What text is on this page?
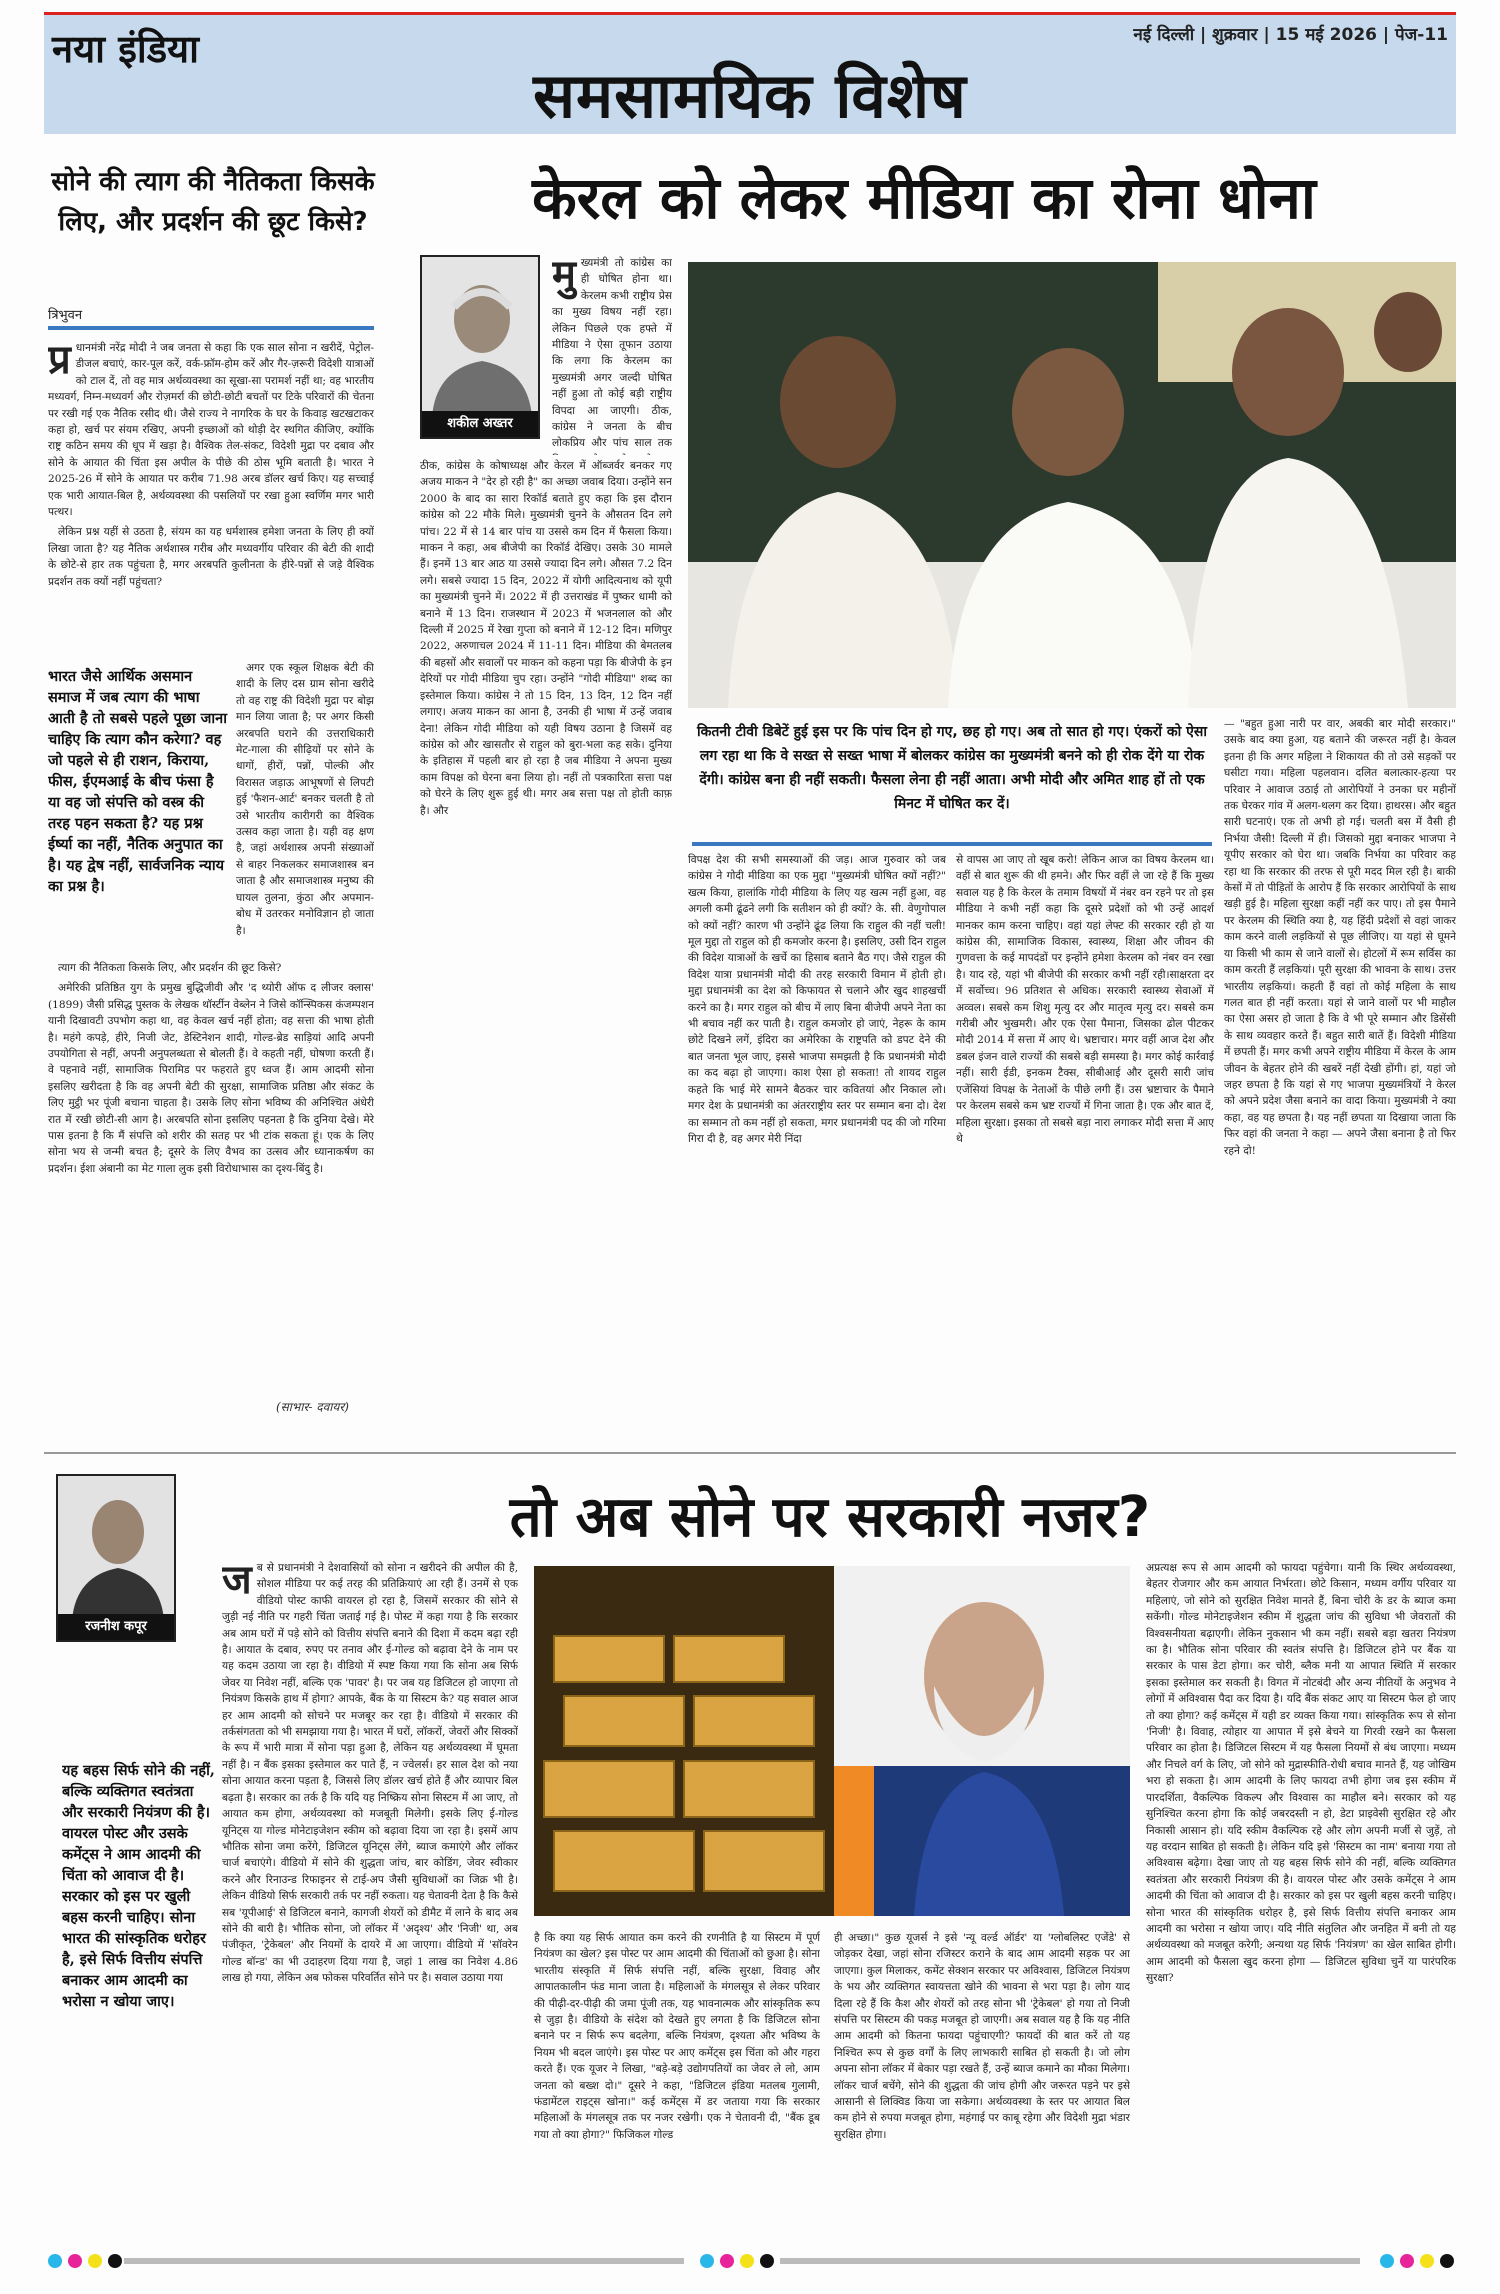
नया इंडिया	नई दिल्ली | शुक्रवार | 15 मई 2026 | पेज-11
समसामयिक विशेष
सोने की त्याग की नैतिकता किसके लिए, और प्रदर्शन की छूट किसे?
त्रिभुवन

प्र धानमंत्री नरेंद्र मोदी ने जब जनता से कहा कि एक साल सोना न खरीदें, पेट्रोल-डीजल बचाएं, कार-पूल करें, वर्क-फ्रॉम-होम करें और गैर-ज़रूरी विदेशी यात्राओं को टाल दें, तो वह मात्र अर्थव्यवस्था का सूखा-सा परामर्श नहीं था; वह भारतीय मध्यवर्ग, निम्न-मध्यवर्ग और रोज़मर्रा की छोटी-छोटी बचतों पर टिके परिवारों की चेतना पर रखी गई एक नैतिक रसीद थी। जैसे राज्य ने नागरिक के घर के किवाड़ खटखटाकर कहा हो, खर्च पर संयम रखिए, अपनी इच्छाओं को थोड़ी देर स्थगित कीजिए, क्योंकि राष्ट्र कठिन समय की धूप में खड़ा है। वैश्विक तेल-संकट, विदेशी मुद्रा पर दबाव और सोने के आयात की चिंता इस अपील के पीछे की ठोस भूमि बताती है। भारत ने 2025-26 में सोने के आयात पर करीब 71.98 अरब डॉलर खर्च किए। यह सच्चाई एक भारी आयात-बिल है, अर्थव्यवस्था की पसलियों पर रखा हुआ स्वर्णिम मगर भारी पत्थर।

लेकिन प्रश्न यहीं से उठता है, संयम का यह धर्मशास्त्र हमेशा जनता के लिए ही क्यों लिखा जाता है? यह नैतिक अर्थशास्त्र गरीब और मध्यवर्गीय परिवार की बेटी की शादी के छोटे-से हार तक पहुंचता है, मगर अरबपति कुलीनता के हीरे-पन्नों से जड़े वैश्विक प्रदर्शन तक क्यों नहीं पहुंचता?

भारत जैसे आर्थिक असमान समाज में जब त्याग की भाषा आती है तो सबसे पहले पूछा जाना चाहिए कि त्याग कौन करेगा? वह जो पहले से ही राशन, किराया, फीस, ईएमआई के बीच फंसा है या वह जो संपत्ति को वस्त्र की तरह पहन सकता है? यह प्रश्न ईर्ष्या का नहीं, नैतिक अनुपात का है। यह द्वेष नहीं, सार्वजनिक न्याय का प्रश्न है।

अगर एक स्कूल शिक्षक बेटी की शादी के लिए दस ग्राम सोना खरीदे तो वह राष्ट्र की विदेशी मुद्रा पर बोझ मान लिया जाता है; पर अगर किसी अरबपति घराने की उत्तराधिकारी मेट-गाला की सीढ़ियों पर सोने के धागों, हीरों, पन्नों, पोल्की और विरासत जड़ाऊ आभूषणों से लिपटी हुई 'फैशन-आर्ट' बनकर चलती है तो उसे भारतीय कारीगरी का वैश्विक उत्सव कहा जाता है। यही वह क्षण है, जहां अर्थशास्त्र अपनी संख्याओं से बाहर निकलकर समाजशास्त्र बन जाता है और समाजशास्त्र मनुष्य की घायल तुलना, कुंठा और अपमान-बोध में उतरकर मनोविज्ञान हो जाता है।

त्याग की नैतिकता किसके लिए, और प्रदर्शन की छूट किसे?

अमेरिकी प्रतिष्ठित युग के प्रमुख बुद्धिजीवी और 'द थ्योरी ऑफ द लीजर क्लास' (1899) जैसी प्रसिद्ध पुस्तक के लेखक थॉर्स्टीन वेब्लेन ने जिसे कॉन्स्पिकस कंजम्पशन यानी दिखावटी उपभोग कहा था, वह केवल खर्च नहीं होता; वह सत्ता की भाषा होती है। महंगे कपड़े, हीरे, निजी जेट, डेस्टिनेशन शादी, गोल्ड-ब्रेड साड़ियां आदि अपनी उपयोगिता से नहीं, अपनी अनुपलब्धता से बोलती हैं। वे कहती नहीं, घोषणा करती हैं। वे पहनावे नहीं, सामाजिक पिरामिड पर फहराते हुए ध्वज हैं। आम आदमी सोना इसलिए खरीदता है कि वह अपनी बेटी की सुरक्षा, सामाजिक प्रतिष्ठा और संकट के लिए मुट्ठी भर पूंजी बचाना चाहता है। उसके लिए सोना भविष्य की अनिश्चित अंधेरी रात में रखी छोटी-सी आग है। अरबपति सोना इसलिए पहनता है कि दुनिया देखे। मेरे पास इतना है कि मैं संपत्ति को शरीर की सतह पर भी टांक सकता हूं। एक के लिए सोना भय से जन्मी बचत है; दूसरे के लिए वैभव का उत्सव और ध्यानाकर्षण का प्रदर्शन। ईशा अंबानी का मेट गाला लुक इसी विरोधाभास का दृश्य-बिंदु है।

(साभार- दवायर)
केरल को लेकर मीडिया का रोना धोना
शकील अख्तर

मुख्यमंत्री तो कांग्रेस का ही घोषित होना था। केरलम कभी राष्ट्रीय प्रेस का मुख्य विषय नहीं रहा। लेकिन पिछले एक हफ्ते में मीडिया ने ऐसा तूफान उठाया कि लगा कि केरलम का मुख्यमंत्री अगर जल्दी घोषित नहीं हुआ तो कोई बड़ी राष्ट्रीय विपदा आ जाएगी। ठीक, कांग्रेस ने जनता के बीच लोकप्रिय और पांच साल तक

ठीक, कांग्रेस के कोषाध्यक्ष और केरल में ऑब्जर्वर बनकर गए अजय माकन ने "देर हो रही है" का अच्छा जवाब दिया। उन्होंने सन 2000 के बाद का सारा रिकॉर्ड बताते हुए कहा कि इस दौरान कांग्रेस को 22 मौके मिले। मुख्यमंत्री चुनने के औसतन दिन लगे पांच। 22 में से 14 बार पांच या उससे कम दिन में फैसला किया। माकन ने कहा, अब बीजेपी का रिकॉर्ड देखिए। उसके 30 मामले हैं। इनमें 13 बार आठ या उससे ज्यादा दिन लगे। औसत 7.2 दिन लगे। सबसे ज्यादा 15 दिन, 2022 में योगी आदित्यनाथ को यूपी का मुख्यमंत्री चुनने में। 2022 में ही उत्तराखंड में पुष्कर धामी को बनाने में 13 दिन। राजस्थान में 2023 में भजनलाल को और दिल्ली में 2025 में रेखा गुप्ता को बनाने में 12-12 दिन। मणिपुर 2022, अरुणाचल 2024 में 11-11 दिन। मीडिया की बेमतलब की बहसों और सवालों पर माकन को कहना पड़ा कि बीजेपी के इन देरियों पर गोदी मीडिया चुप रहा। उन्होंने "गोदी मीडिया" शब्द का इस्तेमाल किया। कांग्रेस ने तो 15 दिन, 13 दिन, 12 दिन नहीं लगाए। अजय माकन का आना है, उनकी ही भाषा में उन्हें जवाब देना! लेकिन गोदी मीडिया को यही विषय उठाना है जिसमें वह कांग्रेस को और खासतौर से राहुल को बुरा-भला कह सके। दुनिया के इतिहास में पहली बार हो रहा है जब मीडिया ने अपना मुख्य काम विपक्ष को घेरना बना लिया हो। नहीं तो पत्रकारिता सत्ता पक्ष को घेरने के लिए शुरू हुई थी। मगर अब सत्ता पक्ष तो होती काफ़ है। और

कितनी टीवी डिबेटें हुई इस पर कि पांच दिन हो गए, छह हो गए। अब तो सात हो गए। एंकरों को ऐसा लग रहा था कि वे सख्त से सख्त भाषा में बोलकर कांग्रेस का मुख्यमंत्री बनने को ही रोक देंगे या रोक देंगी। कांग्रेस बना ही नहीं सकती। फैसला लेना ही नहीं आता। अभी मोदी और अमित शाह हों तो एक मिनट में घोषित कर दें।
— "बहुत हुआ नारी पर वार, अबकी बार मोदी सरकार।" उसके बाद क्या हुआ, यह बताने की जरूरत नहीं है। केवल इतना ही कि अगर महिला ने शिकायत की तो उसे सड़कों पर घसीटा गया। महिला पहलवान। दलित बलात्कार-हत्या पर परिवार ने आवाज उठाई तो आरोपियों ने उनका घर महीनों तक घेरकर गांव में अलग-थलग कर दिया। हाथरस। और बहुत सारी घटनाएं। एक तो अभी हो गई। चलती बस में वैसी ही निर्भया जैसी! दिल्ली में ही। जिसको मुद्दा बनाकर भाजपा ने यूपीए सरकार को घेरा था। जबकि निर्भया का परिवार कह रहा था कि सरकार की तरफ से पूरी मदद मिल रही है। बाकी केसों में तो पीड़ितों के आरोप हैं कि सरकार आरोपियों के साथ खड़ी हुई है। महिला सुरक्षा कहीं नहीं कर पाए। तो इस पैमाने पर केरलम की स्थिति क्या है, यह हिंदी प्रदेशों से वहां जाकर काम करने वाली लड़कियों से पूछ लीजिए। या यहां से घूमने या किसी भी काम से जाने वालों से। होटलों में रूम सर्विस का काम करती हैं लड़कियां। पूरी सुरक्षा की भावना के साथ। उत्तर भारतीय लड़कियां। कहती हैं वहां तो कोई महिला के साथ गलत बात ही नहीं करता। यहां से जाने वालों पर भी माहौल का ऐसा असर हो जाता है कि वे भी पूरे सम्मान और डिसेंसी के साथ व्यवहार करते हैं। बहुत सारी बातें हैं। विदेशी मीडिया में छपती हैं। मगर कभी अपने राष्ट्रीय मीडिया में केरल के आम जीवन के बेहतर होने की खबरें नहीं देखी होंगी। हां, यहां जो जहर छपता है कि यहां से गए भाजपा मुख्यमंत्रियों ने केरल को अपने प्रदेश जैसा बनाने का वादा किया। मुख्यमंत्री ने क्या कहा, वह यह छपता है। यह नहीं छपता या दिखाया जाता कि फिर वहां की जनता ने कहा — अपने जैसा बनाना है तो फिर रहने दो!
विपक्ष देश की सभी समस्याओं की जड़। आज गुरुवार को जब कांग्रेस ने गोदी मीडिया का एक मुद्दा "मुख्यमंत्री घोषित क्यों नहीं?" खत्म किया, हालांकि गोदी मीडिया के लिए यह खत्म नहीं हुआ, वह अगली कमी ढूंढने लगी कि सतीशन को ही क्यों? के. सी. वेणुगोपाल को क्यों नहीं? कारण भी उन्होंने ढूंढ लिया कि राहुल की नहीं चली! मूल मुद्दा तो राहुल को ही कमजोर करना है। इसलिए, उसी दिन राहुल की विदेश यात्राओं के खर्चे का हिसाब बताने बैठ गए। जैसे राहुल की विदेश यात्रा प्रधानमंत्री मोदी की तरह सरकारी विमान में होती हो। मुद्दा प्रधानमंत्री का देश को किफायत से चलाने और खुद शाहखर्ची करने का है। मगर राहुल को बीच में लाए बिना बीजेपी अपने नेता का भी बचाव नहीं कर पाती है। राहुल कमजोर हो जाएं, नेहरू के काम छोटे दिखने लगें, इंदिरा का अमेरिका के राष्ट्रपति को डपट देने की बात जनता भूल जाए, इससे भाजपा समझती है कि प्रधानमंत्री मोदी का कद बढ़ा हो जाएगा। काश ऐसा हो सकता! तो शायद राहुल कहते कि भाई मेरे सामने बैठकर चार कवितयां और निकाल लो। मगर देश के प्रधानमंत्री का अंतरराष्ट्रीय स्तर पर सम्मान बना दो। देश का सम्मान तो कम नहीं हो सकता, मगर प्रधानमंत्री पद की जो गरिमा गिरा दी है, वह अगर मेरी निंदा
से वापस आ जाए तो खूब करो! लेकिन आज का विषय केरलम था। वहीं से बात शुरू की थी हमने। और फिर वहीं ले जा रहे हैं कि मुख्य सवाल यह है कि केरल के तमाम विषयों में नंबर वन रहने पर तो इस मीडिया ने कभी नहीं कहा कि दूसरे प्रदेशों को भी उन्हें आदर्श मानकर काम करना चाहिए। वहां यहां लेफ्ट की सरकार रही हो या कांग्रेस की, सामाजिक विकास, स्वास्थ्य, शिक्षा और जीवन की गुणवत्ता के कई मापदंडों पर इन्होंने हमेशा केरलम को नंबर वन रखा है। याद रहे, यहां भी बीजेपी की सरकार कभी नहीं रही।साक्षरता दर में सर्वोच्च। 96 प्रतिशत से अधिक। सरकारी स्वास्थ्य सेवाओं में अव्वल। सबसे कम शिशु मृत्यु दर और मातृत्व मृत्यु दर। सबसे कम गरीबी और भुखमरी। और एक ऐसा पैमाना, जिसका ढोल पीटकर मोदी 2014 में सत्ता में आए थे। भ्रष्टाचार। मगर वहीं आज देश और डबल इंजन वाले राज्यों की सबसे बड़ी समस्या है। मगर कोई कार्रवाई नहीं। सारी ईडी, इनकम टैक्स, सीबीआई और दूसरी सारी जांच एजेंसियां विपक्ष के नेताओं के पीछे लगी हैं। उस भ्रष्टाचार के पैमाने पर केरलम सबसे कम भ्रष्ट राज्यों में गिना जाता है। एक और बात दें, महिला सुरक्षा। इसका तो सबसे बड़ा नारा लगाकर मोदी सत्ता में आए थे
रजनीश कपूर
तो अब सोने पर सरकारी नजर?
यह बहस सिर्फ सोने की नहीं, बल्कि व्यक्तिगत स्वतंत्रता और सरकारी नियंत्रण की है। वायरल पोस्ट और उसके कमेंट्स ने आम आदमी की चिंता को आवाज दी है। सरकार को इस पर खुली बहस करनी चाहिए। सोना भारत की सांस्कृतिक धरोहर है, इसे सिर्फ वित्तीय संपत्ति बनाकर आम आदमी का भरोसा न खोया जाए।

जब से प्रधानमंत्री ने देशवासियों को सोना न खरीदने की अपील की है, सोशल मीडिया पर कई तरह की प्रतिक्रियाएं आ रही हैं। उनमें से एक वीडियो पोस्ट काफी वायरल हो रहा है, जिसमें सरकार की सोने से जुड़ी नई नीति पर गहरी चिंता जताई गई है। पोस्ट में कहा गया है कि सरकार अब आम घरों में पड़े सोने को वित्तीय संपत्ति बनाने की दिशा में कदम बढ़ा रही है। आयात के दबाव, रुपए पर तनाव और ई-गोल्ड को बढ़ावा देने के नाम पर यह कदम उठाया जा रहा है। वीडियो में स्पष्ट किया गया कि सोना अब सिर्फ जेवर या निवेश नहीं, बल्कि एक 'पावर' है। पर जब यह डिजिटल हो जाएगा तो नियंत्रण किसके हाथ में होगा? आपके, बैंक के या सिस्टम के? यह सवाल आज हर आम आदमी को सोचने पर मजबूर कर रहा है। वीडियो में सरकार की तर्कसंगतता को भी समझाया गया है। भारत में घरों, लॉकरों, जेवरों और सिक्कों के रूप में भारी मात्रा में सोना पड़ा हुआ है, लेकिन यह अर्थव्यवस्था में घूमता नहीं है। न बैंक इसका इस्तेमाल कर पाते हैं, न ज्वेलर्स। हर साल देश को नया सोना आयात करना पड़ता है, जिससे लिए डॉलर खर्च होते हैं और व्यापार बिल बढ़ता है। सरकार का तर्क है कि यदि यह निष्क्रिय सोना सिस्टम में आ जाए, तो आयात कम होगा, अर्थव्यवस्था को मजबूती मिलेगी। इसके लिए ई-गोल्ड यूनिट्स या गोल्ड मोनेटाइजेशन स्कीम को बढ़ावा दिया जा रहा है। इसमें आप भौतिक सोना जमा करेंगे, डिजिटल यूनिट्स लेंगे, ब्याज कमाएंगे और लॉकर चार्ज बचाएंगे। वीडियो में सोने की शुद्धता जांच, बार कोडिंग, जेवर स्वीकार करने और रिनाउन्ड रिफाइनर से टाई-अप जैसी सुविधाओं का जिक्र भी है। लेकिन वीडियो सिर्फ सरकारी तर्क पर नहीं रुकता। यह चेतावनी देता है कि कैसे सब 'यूपीआई' से डिजिटल बनाने, कागजी शेयरों को डीमैट में लाने के बाद अब सोने की बारी है। भौतिक सोना, जो लॉकर में 'अदृश्य' और 'निजी' था, अब पंजीकृत, 'ट्रेकेबल' और नियमों के दायरे में आ जाएगा। वीडियो में 'सॉवरेन गोल्ड बॉन्ड' का भी उदाहरण दिया गया है, जहां 1 लाख का निवेश 4.86 लाख हो गया, लेकिन अब फोकस परिवर्तित सोने पर है। सवाल उठाया गया

है कि क्या यह सिर्फ आयात कम करने की रणनीति है या सिस्टम में पूर्ण नियंत्रण का खेल? इस पोस्ट पर आम आदमी की चिंताओं को छुआ है। सोना भारतीय संस्कृति में सिर्फ संपत्ति नहीं, बल्कि सुरक्षा, विवाह और आपातकालीन फंड माना जाता है। महिलाओं के मंगलसूत्र से लेकर परिवार की पीढ़ी-दर-पीढ़ी की जमा पूंजी तक, यह भावनात्मक और सांस्कृतिक रूप से जुड़ा है। वीडियो के संदेश को देखते हुए लगता है कि डिजिटल सोना बनाने पर न सिर्फ रूप बदलेगा, बल्कि नियंत्रण, दृश्यता और भविष्य के नियम भी बदल जाएंगे। इस पोस्ट पर आए कमेंट्स इस चिंता को और गहरा करते हैं। एक यूजर ने लिखा, "बड़े-बड़े उद्योगपतियों का जेवर ले लो, आम जनता को बख्श दो।" दूसरे ने कहा, "डिजिटल इंडिया मतलब गुलामी, फंडामेंटल राइट्स खोना।" कई कमेंट्स में डर जताया गया कि सरकार महिलाओं के मंगलसूत्र तक पर नजर रखेगी। एक ने चेतावनी दी, "बैंक डूब गया तो क्या होगा?" फिजिकल गोल्ड
ही अच्छा।" कुछ यूजर्स ने इसे 'न्यू वर्ल्ड ऑर्डर' या 'ग्लोबलिस्ट एजेंडे' से जोड़कर देखा, जहां सोना रजिस्टर कराने के बाद आम आदमी सड़क पर आ जाएगा। कुल मिलाकर, कमेंट सेक्शन सरकार पर अविश्वास, डिजिटल नियंत्रण के भय और व्यक्तिगत स्वायत्तता खोने की भावना से भरा पड़ा है। लोग याद दिला रहे हैं कि कैश और शेयरों को तरह सोना भी 'ट्रेकेबल' हो गया तो निजी संपत्ति पर सिस्टम की पकड़ मजबूत हो जाएगी। अब सवाल यह है कि यह नीति आम आदमी को कितना फायदा पहुंचाएगी? फायदों की बात करें तो यह निश्चित रूप से कुछ वर्गों के लिए लाभकारी साबित हो सकती है। जो लोग अपना सोना लॉकर में बेकार पड़ा रखते हैं, उन्हें ब्याज कमाने का मौका मिलेगा। लॉकर चार्ज बचेंगे, सोने की शुद्धता की जांच होगी और जरूरत पड़ने पर इसे आसानी से लिक्विड किया जा सकेगा। अर्थव्यवस्था के स्तर पर आयात बिल कम होने से रुपया मजबूत होगा, महंगाई पर काबू रहेगा और विदेशी मुद्रा भंडार सुरक्षित होगा।
अप्रत्यक्ष रूप से आम आदमी को फायदा पहुंचेगा। यानी कि स्थिर अर्थव्यवस्था, बेहतर रोजगार और कम आयात निर्भरता। छोटे किसान, मध्यम वर्गीय परिवार या महिलाएं, जो सोने को सुरक्षित निवेश मानते हैं, बिना चोरी के डर के ब्याज कमा सकेंगी। गोल्ड मोनेटाइजेशन स्कीम में शुद्धता जांच की सुविधा भी जेवरातों की विश्वसनीयता बढ़ाएगी। लेकिन नुकसान भी कम नहीं। सबसे बड़ा खतरा नियंत्रण का है। भौतिक सोना परिवार की स्वतंत्र संपत्ति है। डिजिटल होने पर बैंक या सरकार के पास डेटा होगा। कर चोरी, ब्लैक मनी या आपात स्थिति में सरकार इसका इस्तेमाल कर सकती है। विगत में नोटबंदी और अन्य नीतियों के अनुभव ने लोगों में अविश्वास पैदा कर दिया है। यदि बैंक संकट आए या सिस्टम फेल हो जाए तो क्या होगा? कई कमेंट्स में यही डर व्यक्त किया गया। सांस्कृतिक रूप से सोना 'निजी' है। विवाह, त्योहार या आपात में इसे बेचने या गिरवी रखने का फैसला परिवार का होता है। डिजिटल सिस्टम में यह फैसला नियमों से बंध जाएगा। मध्यम और निचले वर्ग के लिए, जो सोने को मुद्रास्फीति-रोधी बचाव मानते हैं, यह जोखिम भरा हो सकता है। आम आदमी के लिए फायदा तभी होगा जब इस स्कीम में पारदर्शिता, वैकल्पिक विकल्प और विश्वास का माहौल बने। सरकार को यह सुनिश्चित करना होगा कि कोई जबरदस्ती न हो, डेटा प्राइवेसी सुरक्षित रहे और निकासी आसान हो। यदि स्कीम वैकल्पिक रहे और लोग अपनी मर्जी से जुड़ें, तो यह वरदान साबित हो सकती है। लेकिन यदि इसे 'सिस्टम का नाम' बनाया गया तो अविश्वास बढ़ेगा। देखा जाए तो यह बहस सिर्फ सोने की नहीं, बल्कि व्यक्तिगत स्वतंत्रता और सरकारी नियंत्रण की है। वायरल पोस्ट और उसके कमेंट्स ने आम आदमी की चिंता को आवाज दी है। सरकार को इस पर खुली बहस करनी चाहिए। सोना भारत की सांस्कृतिक धरोहर है, इसे सिर्फ वित्तीय संपत्ति बनाकर आम आदमी का भरोसा न खोया जाए। यदि नीति संतुलित और जनहित में बनी तो यह अर्थव्यवस्था को मजबूत करेगी; अन्यथा यह सिर्फ 'नियंत्रण' का खेल साबित होगी। आम आदमी को फैसला खुद करना होगा — डिजिटल सुविधा चुनें या पारंपरिक सुरक्षा?
